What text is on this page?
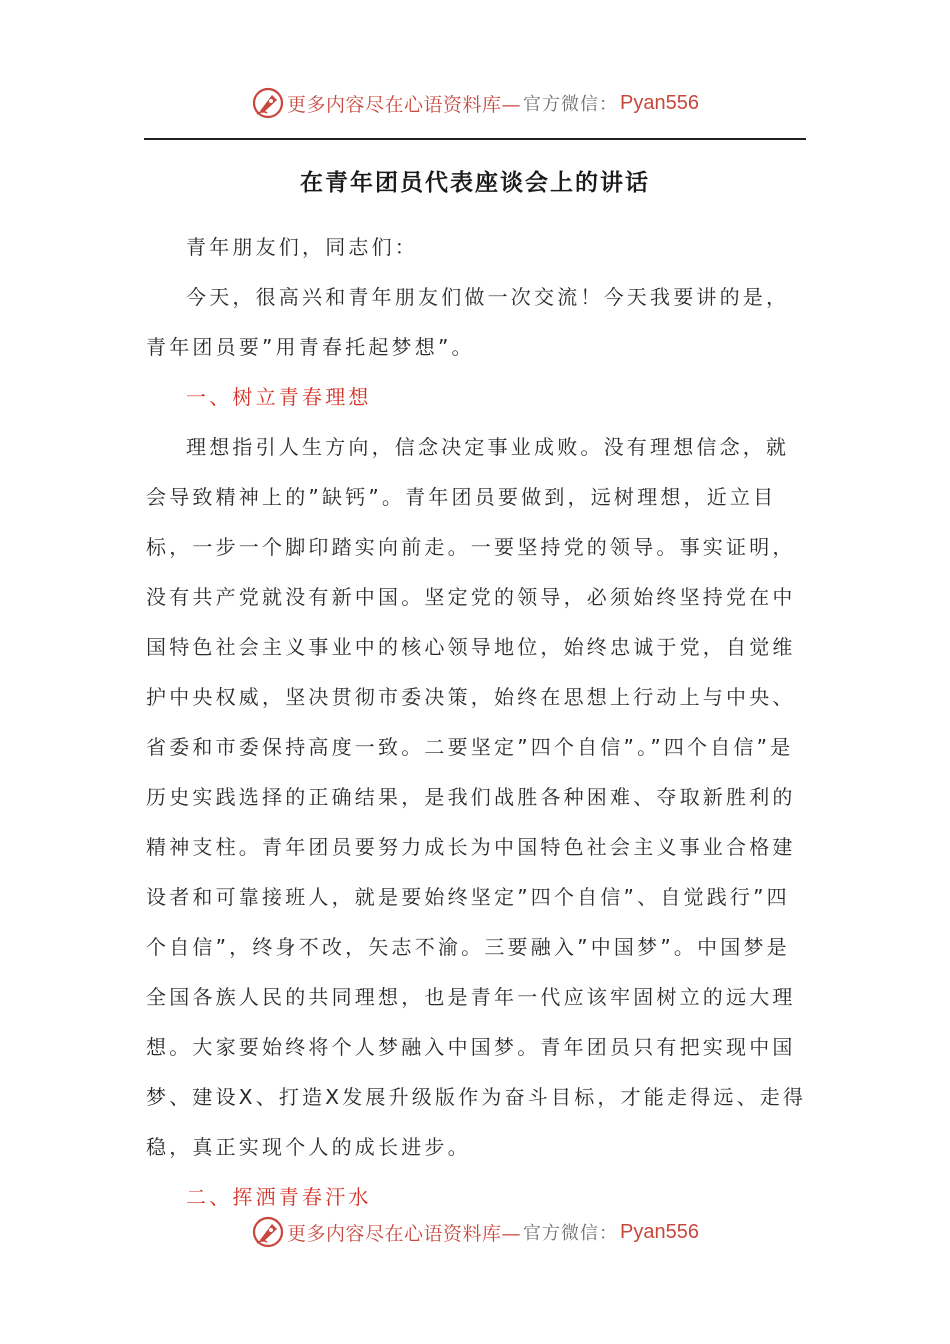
更多内容尽在心语资料库— 官方微信： Pyan556
在青年团员代表座谈会上的讲话

青年朋友们，同志们：

今天，很高兴和青年朋友们做一次交流！今天我要讲的是，青年团员要”用青春托起梦想”。

一、树立青春理想

理想指引人生方向，信念决定事业成败。没有理想信念，就会导致精神上的”缺钙”。青年团员要做到，远树理想，近立目标，一步一个脚印踏实向前走。一要坚持党的领导。事实证明，没有共产党就没有新中国。坚定党的领导，必须始终坚持党在中国特色社会主义事业中的核心领导地位，始终忠诚于党，自觉维护中央权威，坚决贯彻市委决策，始终在思想上行动上与中央、省委和市委保持高度一致。二要坚定”四个自信”。”四个自信”是历史实践选择的正确结果，是我们战胜各种困难、夺取新胜利的精神支柱。青年团员要努力成长为中国特色社会主义事业合格建设者和可靠接班人，就是要始终坚定”四个自信”、自觉践行”四个自信”，终身不改，矢志不渝。三要融入”中国梦”。中国梦是全国各族人民的共同理想，也是青年一代应该牢固树立的远大理想。大家要始终将个人梦融入中国梦。青年团员只有把实现中国梦、建设X、打造X发展升级版作为奋斗目标，才能走得远、走得稳，真正实现个人的成长进步。

二、挥洒青春汗水

更多内容尽在心语资料库— 官方微信： Pyan556
